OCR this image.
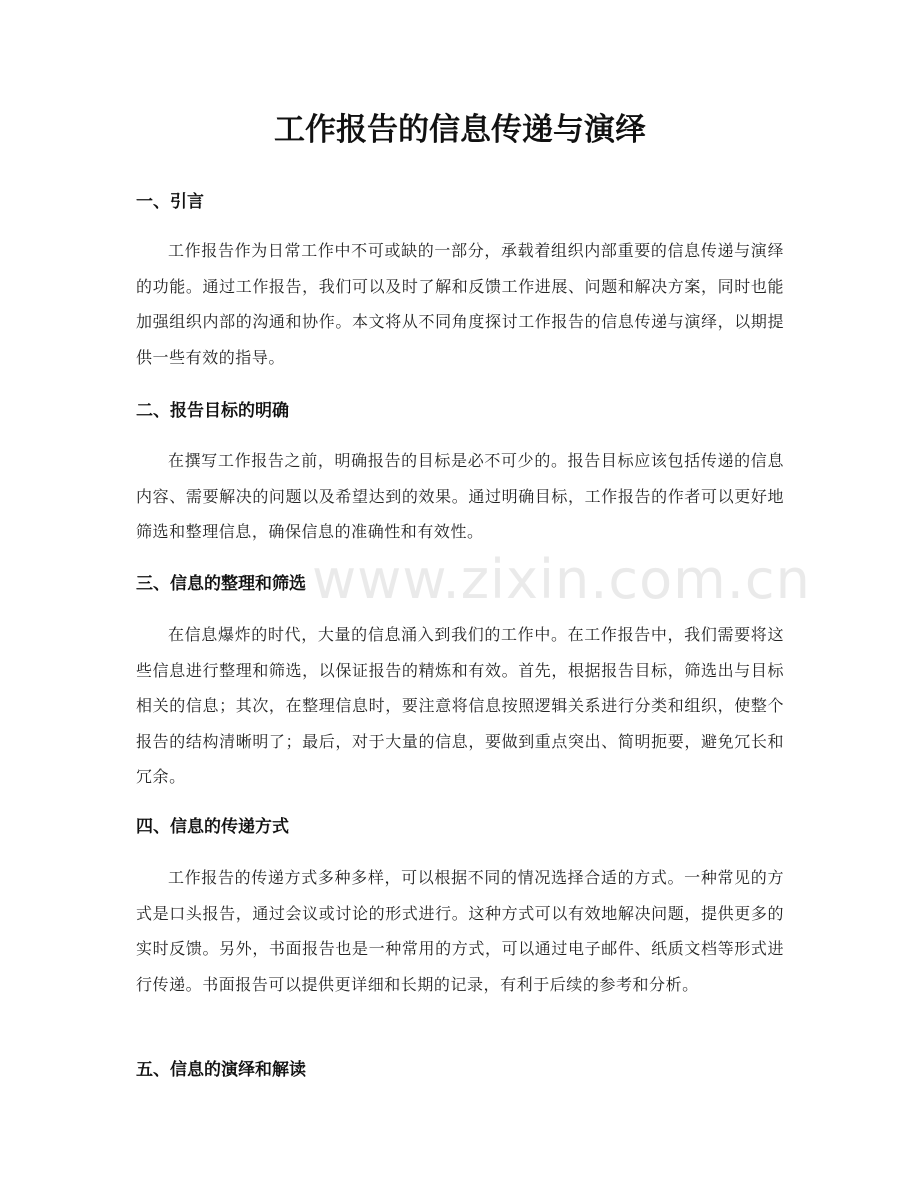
工作报告的信息传递与演绎
www.zixin.com.cn
一、引言

工作报告作为日常工作中不可或缺的一部分，承载着组织内部重要的信息传递与演绎的功能。通过工作报告，我们可以及时了解和反馈工作进展、问题和解决方案，同时也能加强组织内部的沟通和协作。本文将从不同角度探讨工作报告的信息传递与演绎，以期提供一些有效的指导。

二、报告目标的明确

在撰写工作报告之前，明确报告的目标是必不可少的。报告目标应该包括传递的信息内容、需要解决的问题以及希望达到的效果。通过明确目标，工作报告的作者可以更好地筛选和整理信息，确保信息的准确性和有效性。

三、信息的整理和筛选

在信息爆炸的时代，大量的信息涌入到我们的工作中。在工作报告中，我们需要将这些信息进行整理和筛选，以保证报告的精炼和有效。首先，根据报告目标，筛选出与目标相关的信息；其次，在整理信息时，要注意将信息按照逻辑关系进行分类和组织，使整个报告的结构清晰明了；最后，对于大量的信息，要做到重点突出、简明扼要，避免冗长和冗余。

四、信息的传递方式

工作报告的传递方式多种多样，可以根据不同的情况选择合适的方式。一种常见的方式是口头报告，通过会议或讨论的形式进行。这种方式可以有效地解决问题，提供更多的实时反馈。另外，书面报告也是一种常用的方式，可以通过电子邮件、纸质文档等形式进行传递。书面报告可以提供更详细和长期的记录，有利于后续的参考和分析。

五、信息的演绎和解读
